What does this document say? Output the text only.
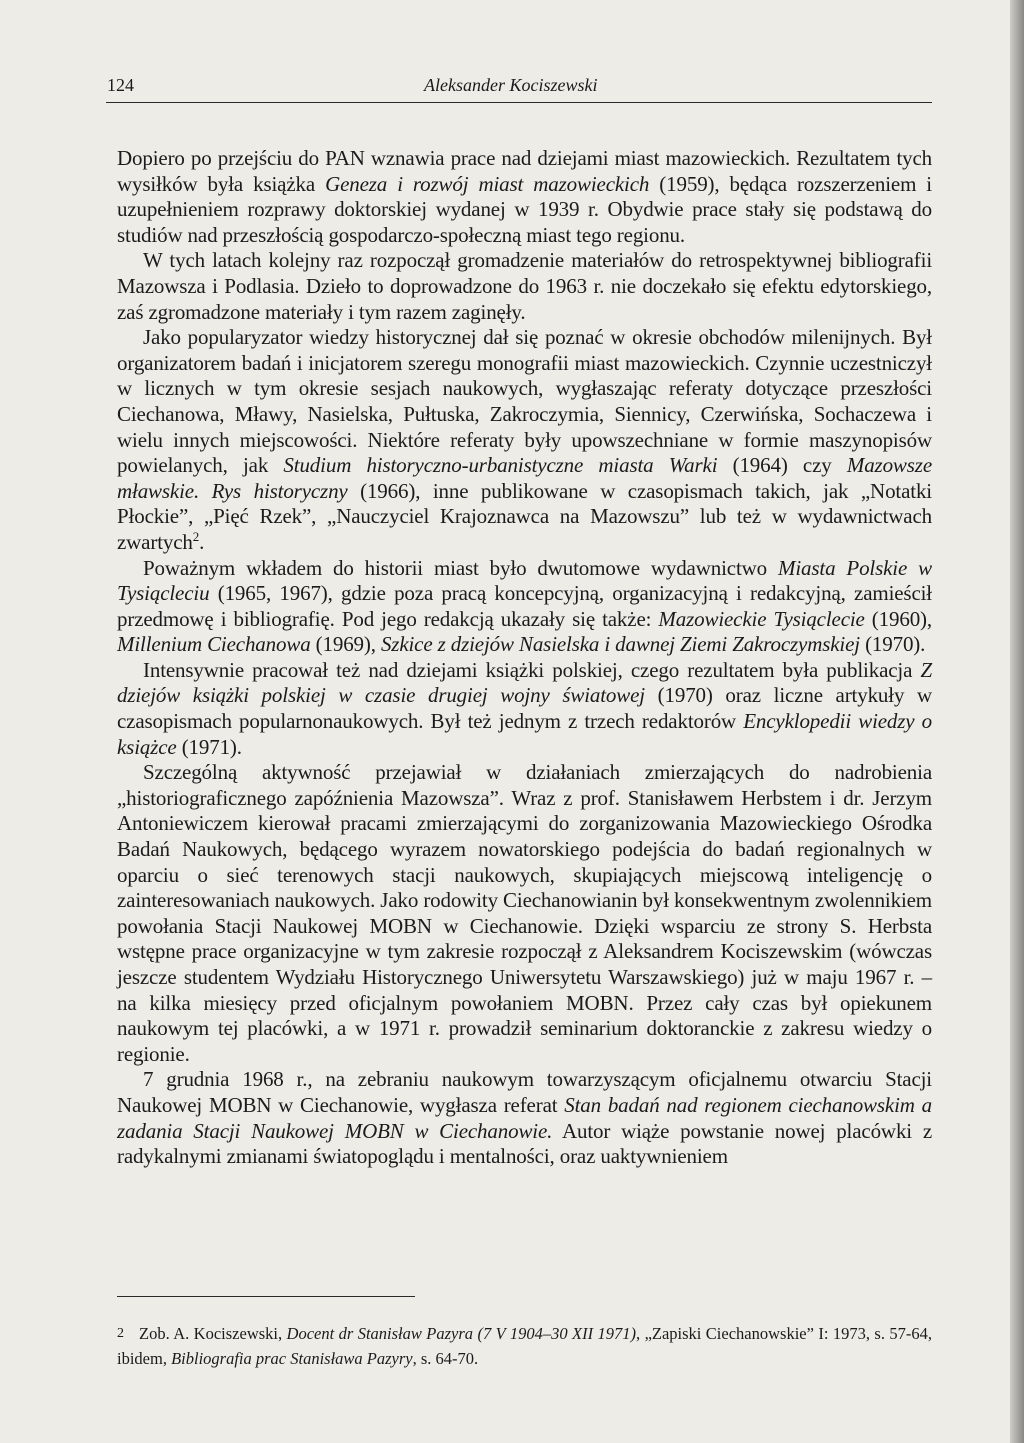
124	Aleksander Kociszewski

Dopiero po przejściu do PAN wznawia prace nad dziejami miast mazowieckich. Rezultatem tych wysiłków była książka Geneza i rozwój miast mazowieckich (1959), będąca rozszerzeniem i uzupełnieniem rozprawy doktorskiej wydanej w 1939 r. Obydwie prace stały się podstawą do studiów nad przeszłością gospodarczo-społeczną miast tego regionu.

W tych latach kolejny raz rozpoczął gromadzenie materiałów do retrospektywnej bibliografii Mazowsza i Podlasia. Dzieło to doprowadzone do 1963 r. nie doczekało się efektu edytorskiego, zaś zgromadzone materiały i tym razem zaginęły.

Jako popularyzator wiedzy historycznej dał się poznać w okresie obchodów milenijnych. Był organizatorem badań i inicjatorem szeregu monografii miast mazowieckich. Czynnie uczestniczył w licznych w tym okresie sesjach naukowych, wygłaszając referaty dotyczące przeszłości Ciechanowa, Mławy, Nasielska, Pułtuska, Zakroczymia, Siennicy, Czerwińska, Sochaczewa i wielu innych miejscowości. Niektóre referaty były upowszechniane w formie maszynopisów powielanych, jak Studium historyczno-urbanistyczne miasta Warki (1964) czy Mazowsze mławskie. Rys historyczny (1966), inne publikowane w czasopismach takich, jak „Notatki Płockie”, „Pięć Rzek”, „Nauczyciel Krajoznawca na Mazowszu” lub też w wydawnictwach zwartych$^2$.

Poważnym wkładem do historii miast było dwutomowe wydawnictwo Miasta Polskie w Tysiącleciu (1965, 1967), gdzie poza pracą koncepcyjną, organizacyjną i redakcyjną, zamieścił przedmowę i bibliografię. Pod jego redakcją ukazały się także: Mazowieckie Tysiąclecie (1960), Millenium Ciechanowa (1969), Szkice z dziejów Nasielska i dawnej Ziemi Zakroczymskiej (1970).

Intensywnie pracował też nad dziejami książki polskiej, czego rezultatem była publikacja Z dziejów książki polskiej w czasie drugiej wojny światowej (1970) oraz liczne artykuły w czasopismach popularnonaukowych. Był też jednym z trzech redaktorów Encyklopedii wiedzy o książce (1971).

Szczególną aktywność przejawiał w działaniach zmierzających do nadrobienia „historiograficznego zapóźnienia Mazowsza”. Wraz z prof. Stanisławem Herbstem i dr. Jerzym Antoniewiczem kierował pracami zmierzającymi do zorganizowania Mazowieckiego Ośrodka Badań Naukowych, będącego wyrazem nowatorskiego podejścia do badań regionalnych w oparciu o sieć terenowych stacji naukowych, skupiających miejscową inteligencję o zainteresowaniach naukowych. Jako rodowity Ciechanowianin był konsekwentnym zwolennikiem powołania Stacji Naukowej MOBN w Ciechanowie. Dzięki wsparciu ze strony S. Herbsta wstępne prace organizacyjne w tym zakresie rozpoczął z Aleksandrem Kociszewskim (wówczas jeszcze studentem Wydziału Historycznego Uniwersytetu Warszawskiego) już w maju 1967 r. – na kilka miesięcy przed oficjalnym powołaniem MOBN. Przez cały czas był opiekunem naukowym tej placówki, a w 1971 r. prowadził seminarium doktoranckie z zakresu wiedzy o regionie.

7 grudnia 1968 r., na zebraniu naukowym towarzyszącym oficjalnemu otwarciu Stacji Naukowej MOBN w Ciechanowie, wygłasza referat Stan badań nad regionem ciechanowskim a zadania Stacji Naukowej MOBN w Ciechanowie. Autor wiąże powstanie nowej placówki z radykalnymi zmianami światopoglądu i mentalności, oraz uaktywnieniem

2 Zob. A. Kociszewski, Docent dr Stanisław Pazyra (7 V 1904–30 XII 1971), „Zapiski Ciechanowskie” I: 1973, s. 57-64, ibidem, Bibliografia prac Stanisława Pazyry, s. 64-70.
